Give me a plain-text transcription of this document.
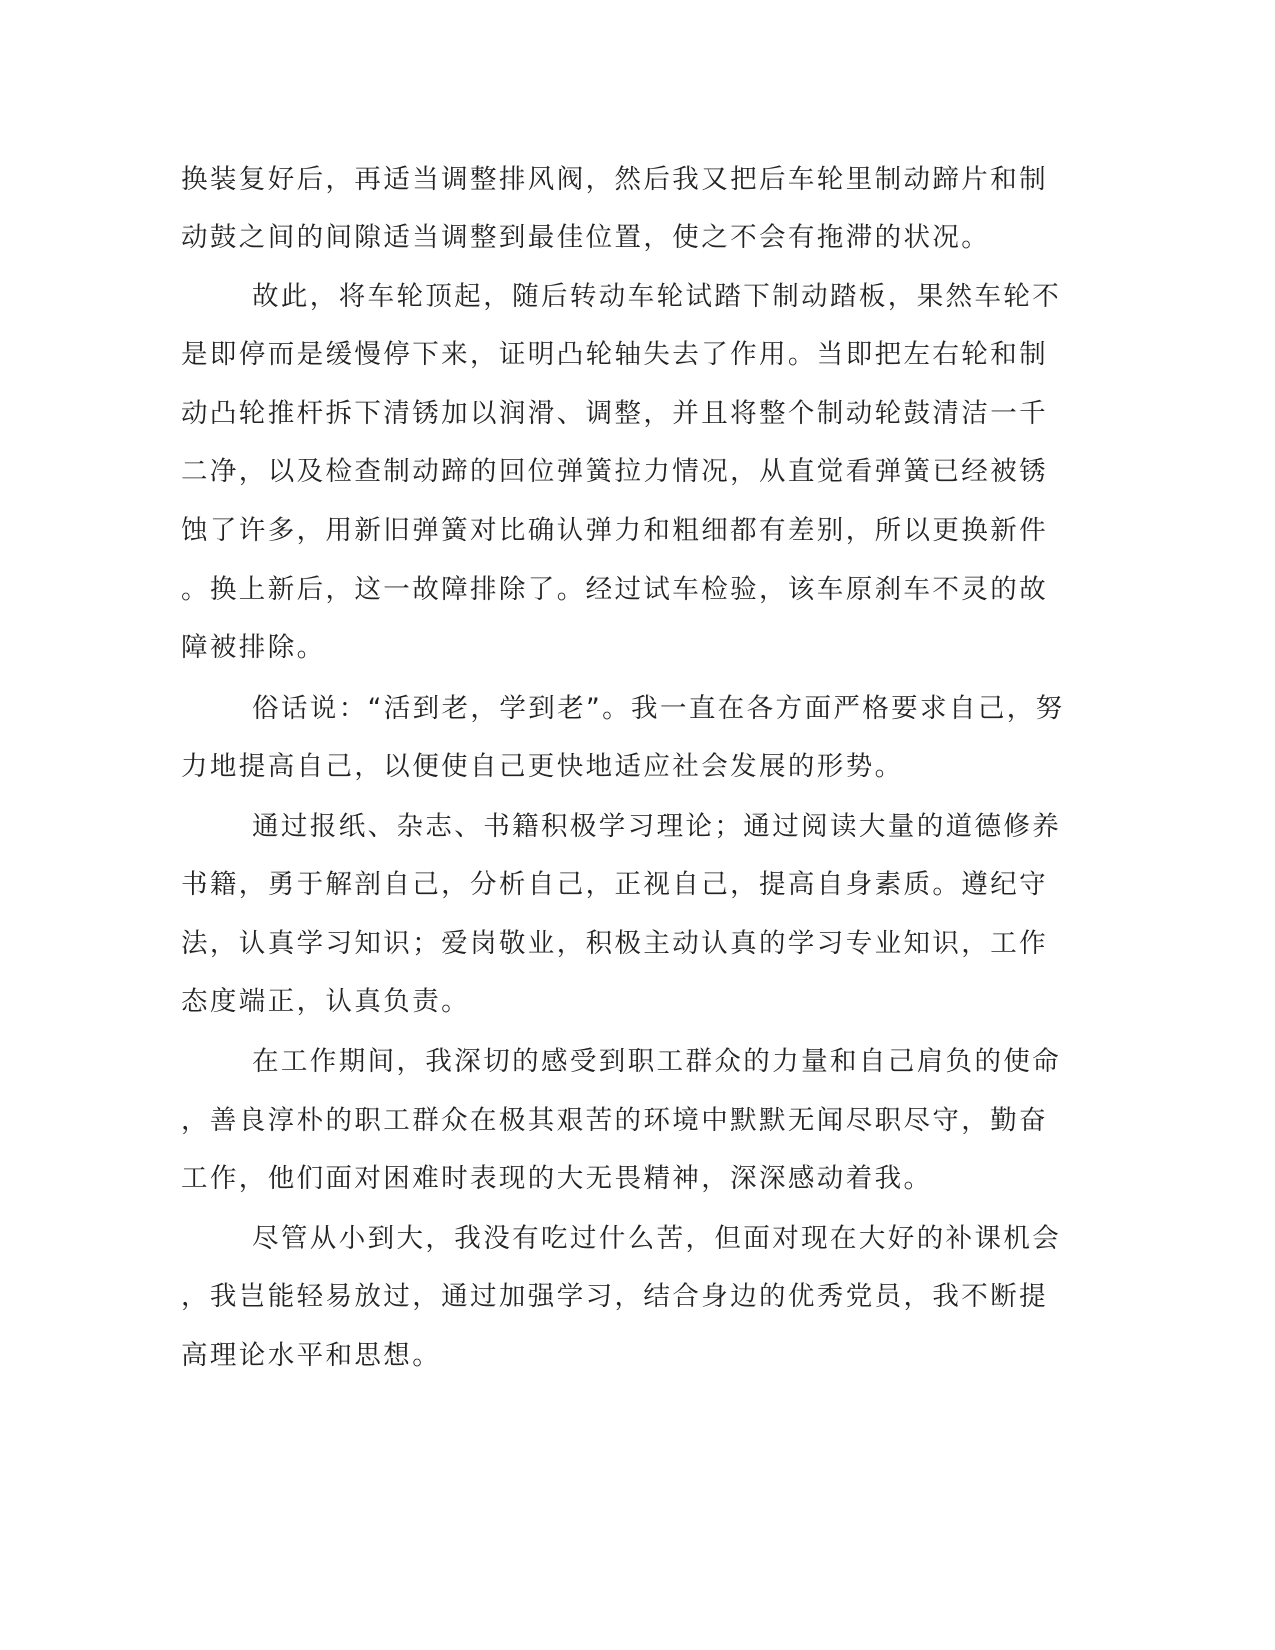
换装复好后，再适当调整排风阀，然后我又把后车轮里制动蹄片和制
动鼓之间的间隙适当调整到最佳位置，使之不会有拖滞的状况。
故此，将车轮顶起，随后转动车轮试踏下制动踏板，果然车轮不
是即停而是缓慢停下来，证明凸轮轴失去了作用。当即把左右轮和制
动凸轮推杆拆下清锈加以润滑、调整，并且将整个制动轮鼓清洁一千
二净，以及检查制动蹄的回位弹簧拉力情况，从直觉看弹簧已经被锈
蚀了许多，用新旧弹簧对比确认弹力和粗细都有差别，所以更换新件
。换上新后，这一故障排除了。经过试车检验，该车原刹车不灵的故
障被排除。
俗话说：“活到老，学到老”。我一直在各方面严格要求自己，努
力地提高自己，以便使自己更快地适应社会发展的形势。
通过报纸、杂志、书籍积极学习理论；通过阅读大量的道德修养
书籍，勇于解剖自己，分析自己，正视自己，提高自身素质。遵纪守
法，认真学习知识；爱岗敬业，积极主动认真的学习专业知识，工作
态度端正，认真负责。
在工作期间，我深切的感受到职工群众的力量和自己肩负的使命
，善良淳朴的职工群众在极其艰苦的环境中默默无闻尽职尽守，勤奋
工作，他们面对困难时表现的大无畏精神，深深感动着我。
尽管从小到大，我没有吃过什么苦，但面对现在大好的补课机会
，我岂能轻易放过，通过加强学习，结合身边的优秀党员，我不断提
高理论水平和思想。
